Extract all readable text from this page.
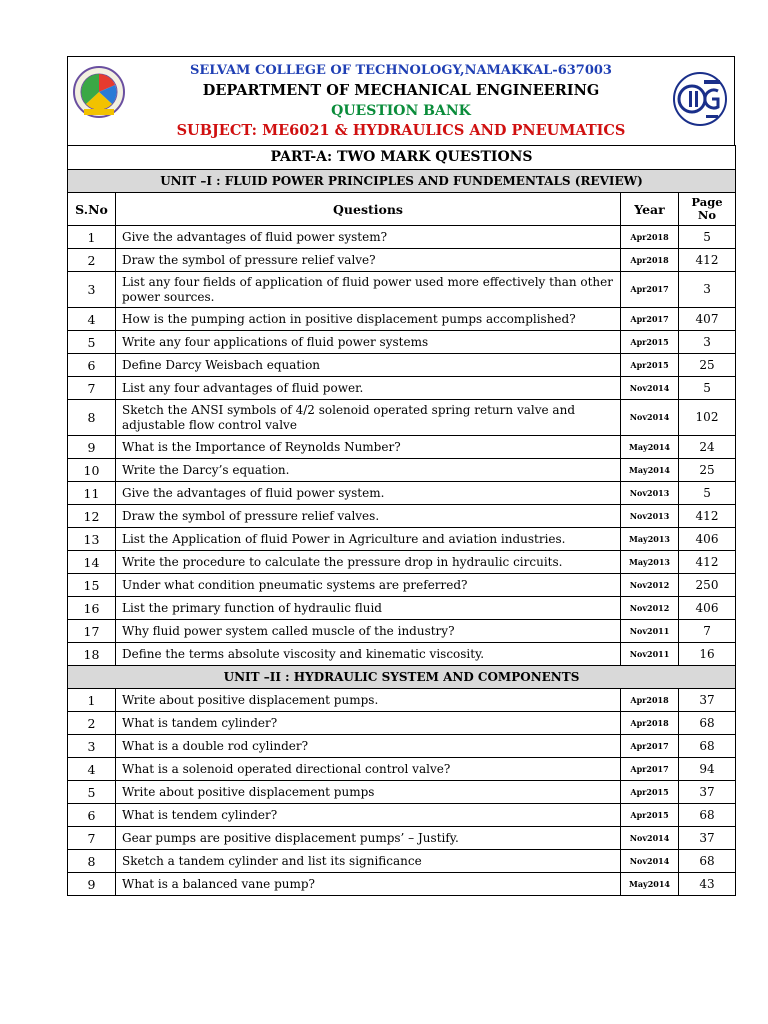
SELVAM COLLEGE OF TECHNOLOGY,NAMAKKAL-637003
DEPARTMENT OF MECHANICAL ENGINEERING
QUESTION BANK
SUBJECT: ME6021 & HYDRAULICS AND PNEUMATICS
PART-A: TWO MARK QUESTIONS			
UNIT –I : FLUID POWER PRINCIPLES AND FUNDEMENTALS (REVIEW)			
S.No	Questions	Year	Page No
1	Give the advantages of fluid power system?	Apr2018	5
2	Draw the symbol of pressure relief valve?	Apr2018	412
3	List any four fields of application of fluid power used more effectively than other power sources.	Apr2017	3
4	How is the pumping action in positive displacement pumps accomplished?	Apr2017	407
5	Write any four applications of fluid power systems	Apr2015	3
6	Define Darcy Weisbach equation	Apr2015	25
7	List any four advantages of fluid power.	Nov2014	5
8	Sketch the ANSI symbols of 4/2 solenoid operated spring return valve and adjustable flow control valve	Nov2014	102
9	What is the Importance of Reynolds Number?	May2014	24
10	Write the Darcy’s equation.	May2014	25
11	Give the advantages of fluid power system.	Nov2013	5
12	Draw the symbol of pressure relief valves.	Nov2013	412
13	List the Application of fluid Power in Agriculture and aviation industries.	May2013	406
14	Write the procedure to calculate the pressure drop in hydraulic circuits.	May2013	412
15	Under what condition pneumatic systems are preferred?	Nov2012	250
16	List the primary function of hydraulic fluid	Nov2012	406
17	Why fluid power system called muscle of the industry?	Nov2011	7
18	Define the terms absolute viscosity and kinematic viscosity.	Nov2011	16
UNIT –II : HYDRAULIC SYSTEM AND COMPONENTS			
1	Write about positive displacement pumps.	Apr2018	37
2	What is tandem cylinder?	Apr2018	68
3	What is a double rod cylinder?	Apr2017	68
4	What is a solenoid operated directional control valve?	Apr2017	94
5	Write about positive displacement pumps	Apr2015	37
6	What is tendem cylinder?	Apr2015	68
7	Gear pumps are positive displacement pumps’ – Justify.	Nov2014	37
8	Sketch a tandem cylinder and list its significance	Nov2014	68
9	What is a balanced vane pump?	May2014	43
